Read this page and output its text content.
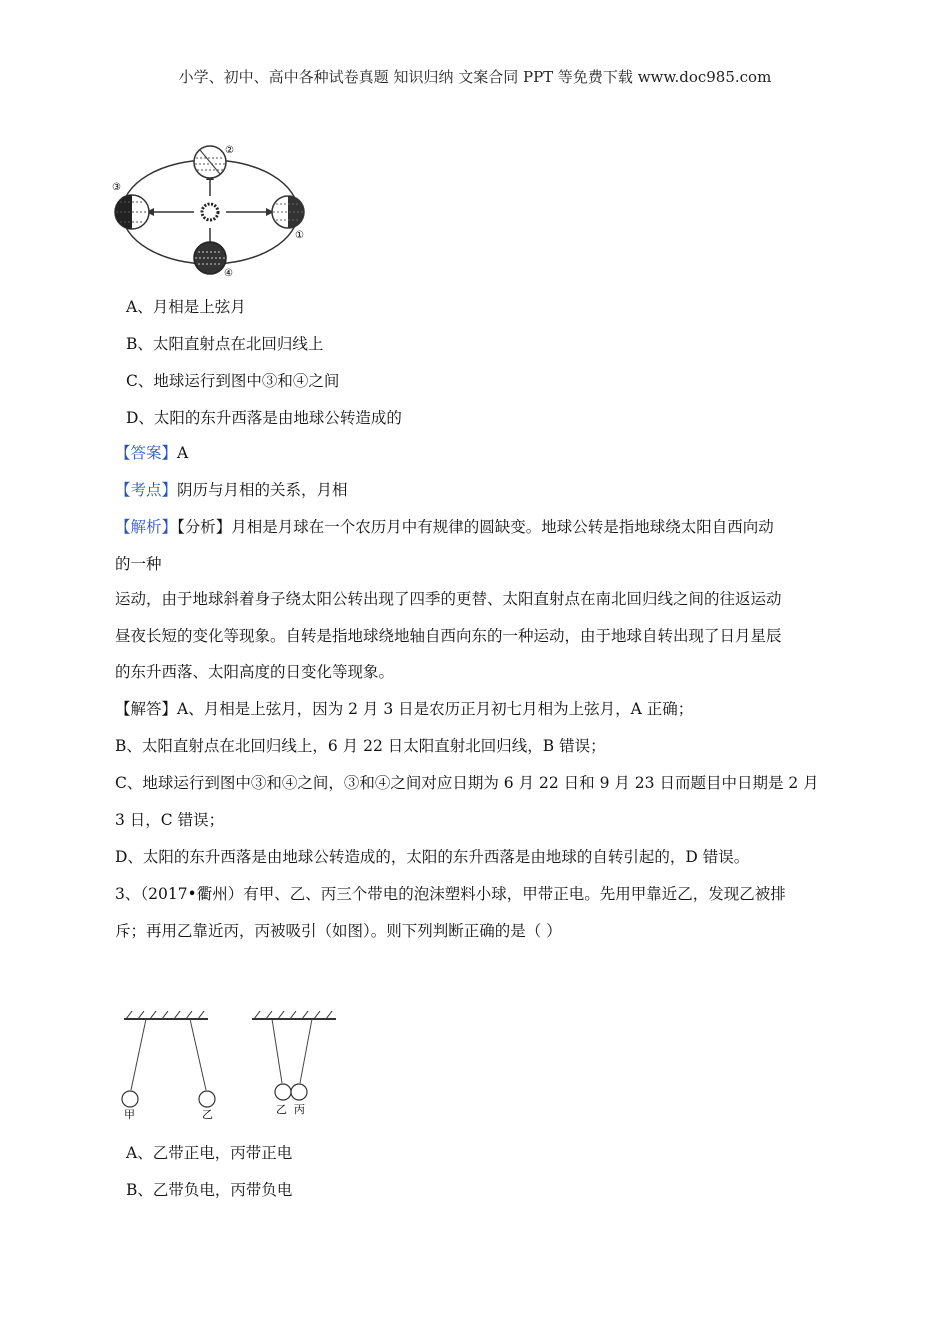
小学、初中、高中各种试卷真题 知识归纳 文案合同 PPT 等免费下载 www.doc985.com
②
③
①
④
A、月相是上弦月
B、太阳直射点在北回归线上
C、地球运行到图中③和④之间
D、太阳的东升西落是由地球公转造成的
【答案】A
【考点】阴历与月相的关系，月相
【解析】【分析】月相是月球在一个农历月中有规律的圆缺变。地球公转是指地球绕太阳自西向动
的一种
运动，由于地球斜着身子绕太阳公转出现了四季的更替、太阳直射点在南北回归线之间的往返运动
昼夜长短的变化等现象。自转是指地球绕地轴自西向东的一种运动，由于地球自转出现了日月星辰
的东升西落、太阳高度的日变化等现象。
【解答】A、月相是上弦月，因为 2 月 3 日是农历正月初七月相为上弦月，A 正确；
B、太阳直射点在北回归线上，6 月 22 日太阳直射北回归线，B 错误；
C、地球运行到图中③和④之间，③和④之间对应日期为 6 月 22 日和 9 月 23 日而题目中日期是 2 月
3 日，C 错误；
D、太阳的东升西落是由地球公转造成的，太阳的东升西落是由地球的自转引起的，D 错误。
3、（2017•衢州）有甲、乙、丙三个带电的泡沫塑料小球，甲带正电。先用甲靠近乙，发现乙被排
斥；再用乙靠近丙，丙被吸引（如图）。则下列判断正确的是（ ）
甲	乙	乙 丙
A、乙带正电，丙带正电
B、乙带负电，丙带负电
